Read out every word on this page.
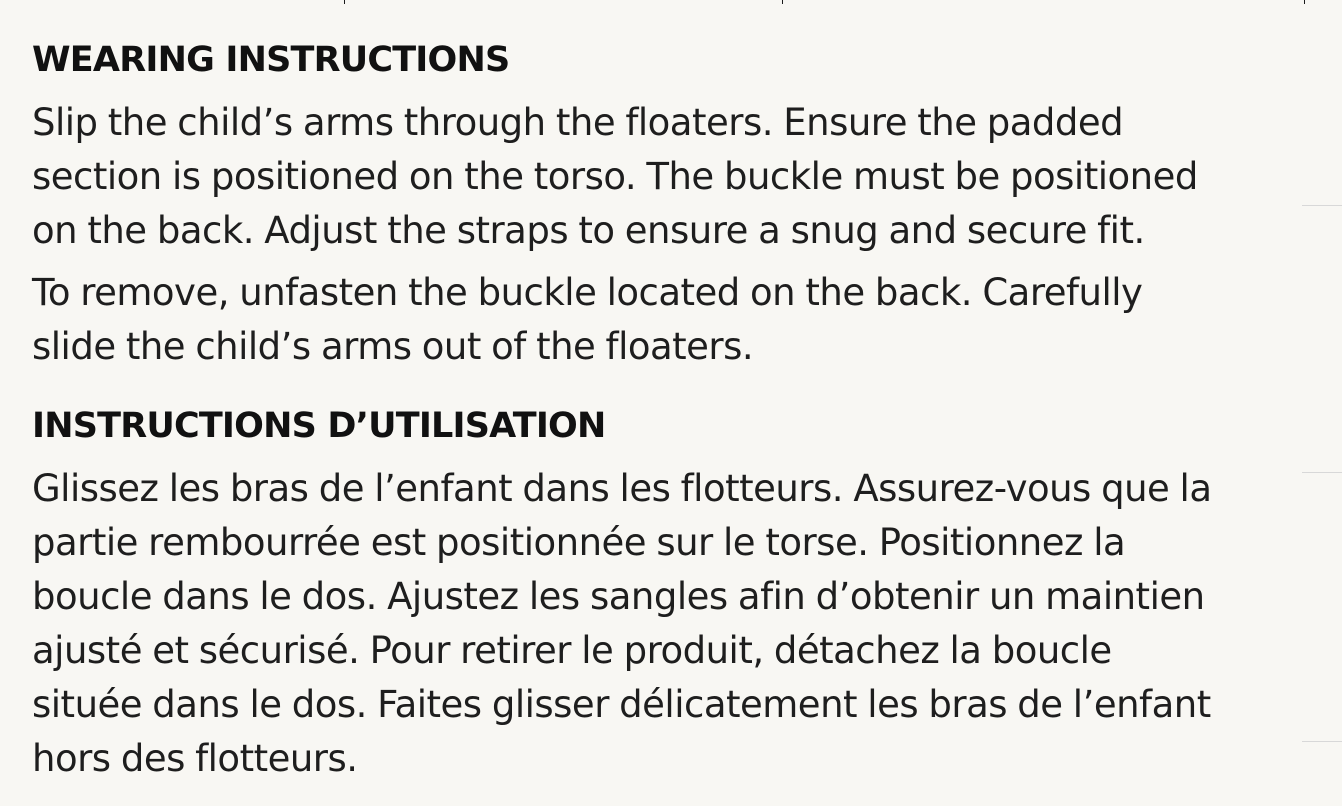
WEARING INSTRUCTIONS

Slip the child’s arms through the floaters. Ensure the padded
section is positioned on the torso. The buckle must be positioned
on the back. Adjust the straps to ensure a snug and secure fit.

To remove, unfasten the buckle located on the back. Carefully
slide the child’s arms out of the floaters.

INSTRUCTIONS D’UTILISATION

Glissez les bras de l’enfant dans les flotteurs. Assurez-vous que la
partie rembourrée est positionnée sur le torse. Positionnez la
boucle dans le dos. Ajustez les sangles afin d’obtenir un maintien
ajusté et sécurisé. Pour retirer le produit, détachez la boucle
située dans le dos. Faites glisser délicatement les bras de l’enfant
hors des flotteurs.
